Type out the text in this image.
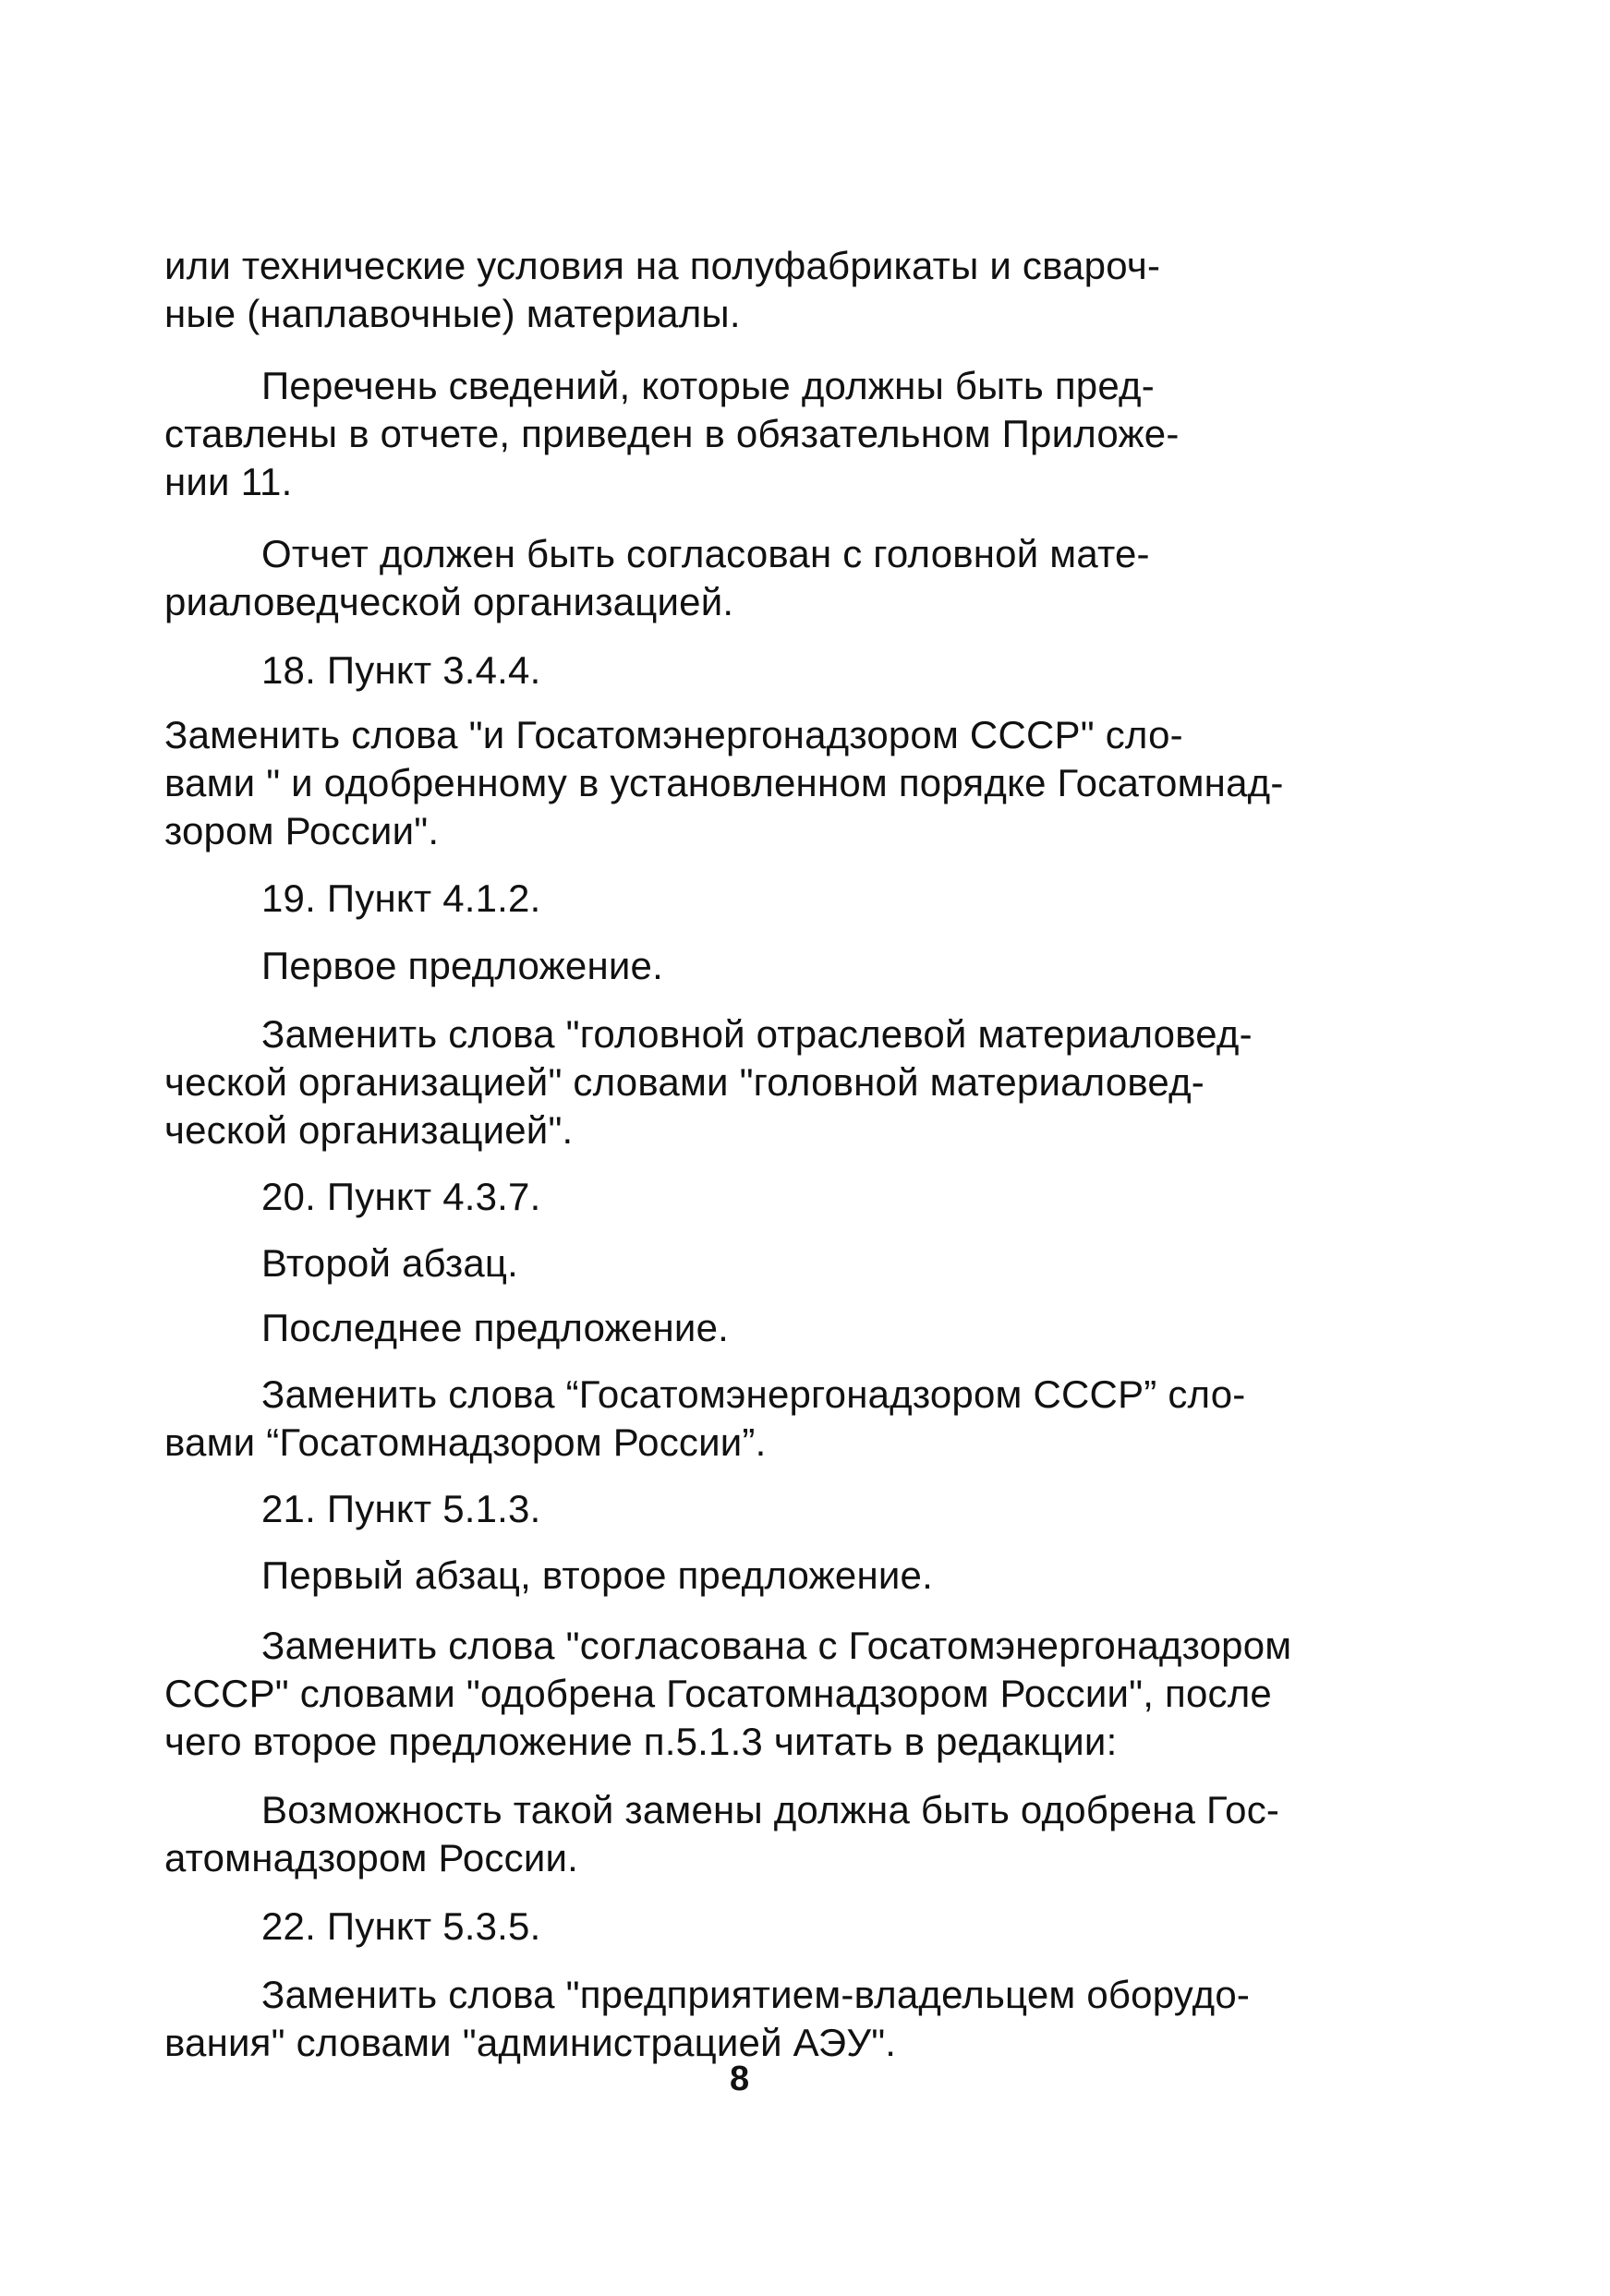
или технические условия на полуфабрикаты и свароч-
ные (наплавочные) материалы.
Перечень сведений, которые должны быть пред-
ставлены в отчете, приведен в обязательном Приложе-
нии 11.
Отчет должен быть согласован с головной мате-
риаловедческой организацией.
18. Пункт 3.4.4.
Заменить слова "и Госатомэнергонадзором СССР" сло-
вами " и одобренному в установленном порядке Госатомнад-
зором России".
19. Пункт 4.1.2.
Первое предложение.
Заменить слова "головной отраслевой материаловед-
ческой организацией" словами "головной материаловед-
ческой организацией".
20. Пункт 4.3.7.
Второй абзац.
Последнее предложение.
Заменить слова “Госатомэнергонадзором СССР” сло-
вами “Госатомнадзором России”.
21. Пункт 5.1.3.
Первый абзац, второе предложение.
Заменить слова "согласована с Госатомэнергонадзором
СССР" словами "одобрена Госатомнадзором России", после
чего второе предложение п.5.1.3 читать в редакции:
Возможность такой замены должна быть одобрена Гос-
атомнадзором России.
22. Пункт 5.3.5.
Заменить слова "предприятием-владельцем оборудо-
вания" словами "администрацией АЭУ".
8
